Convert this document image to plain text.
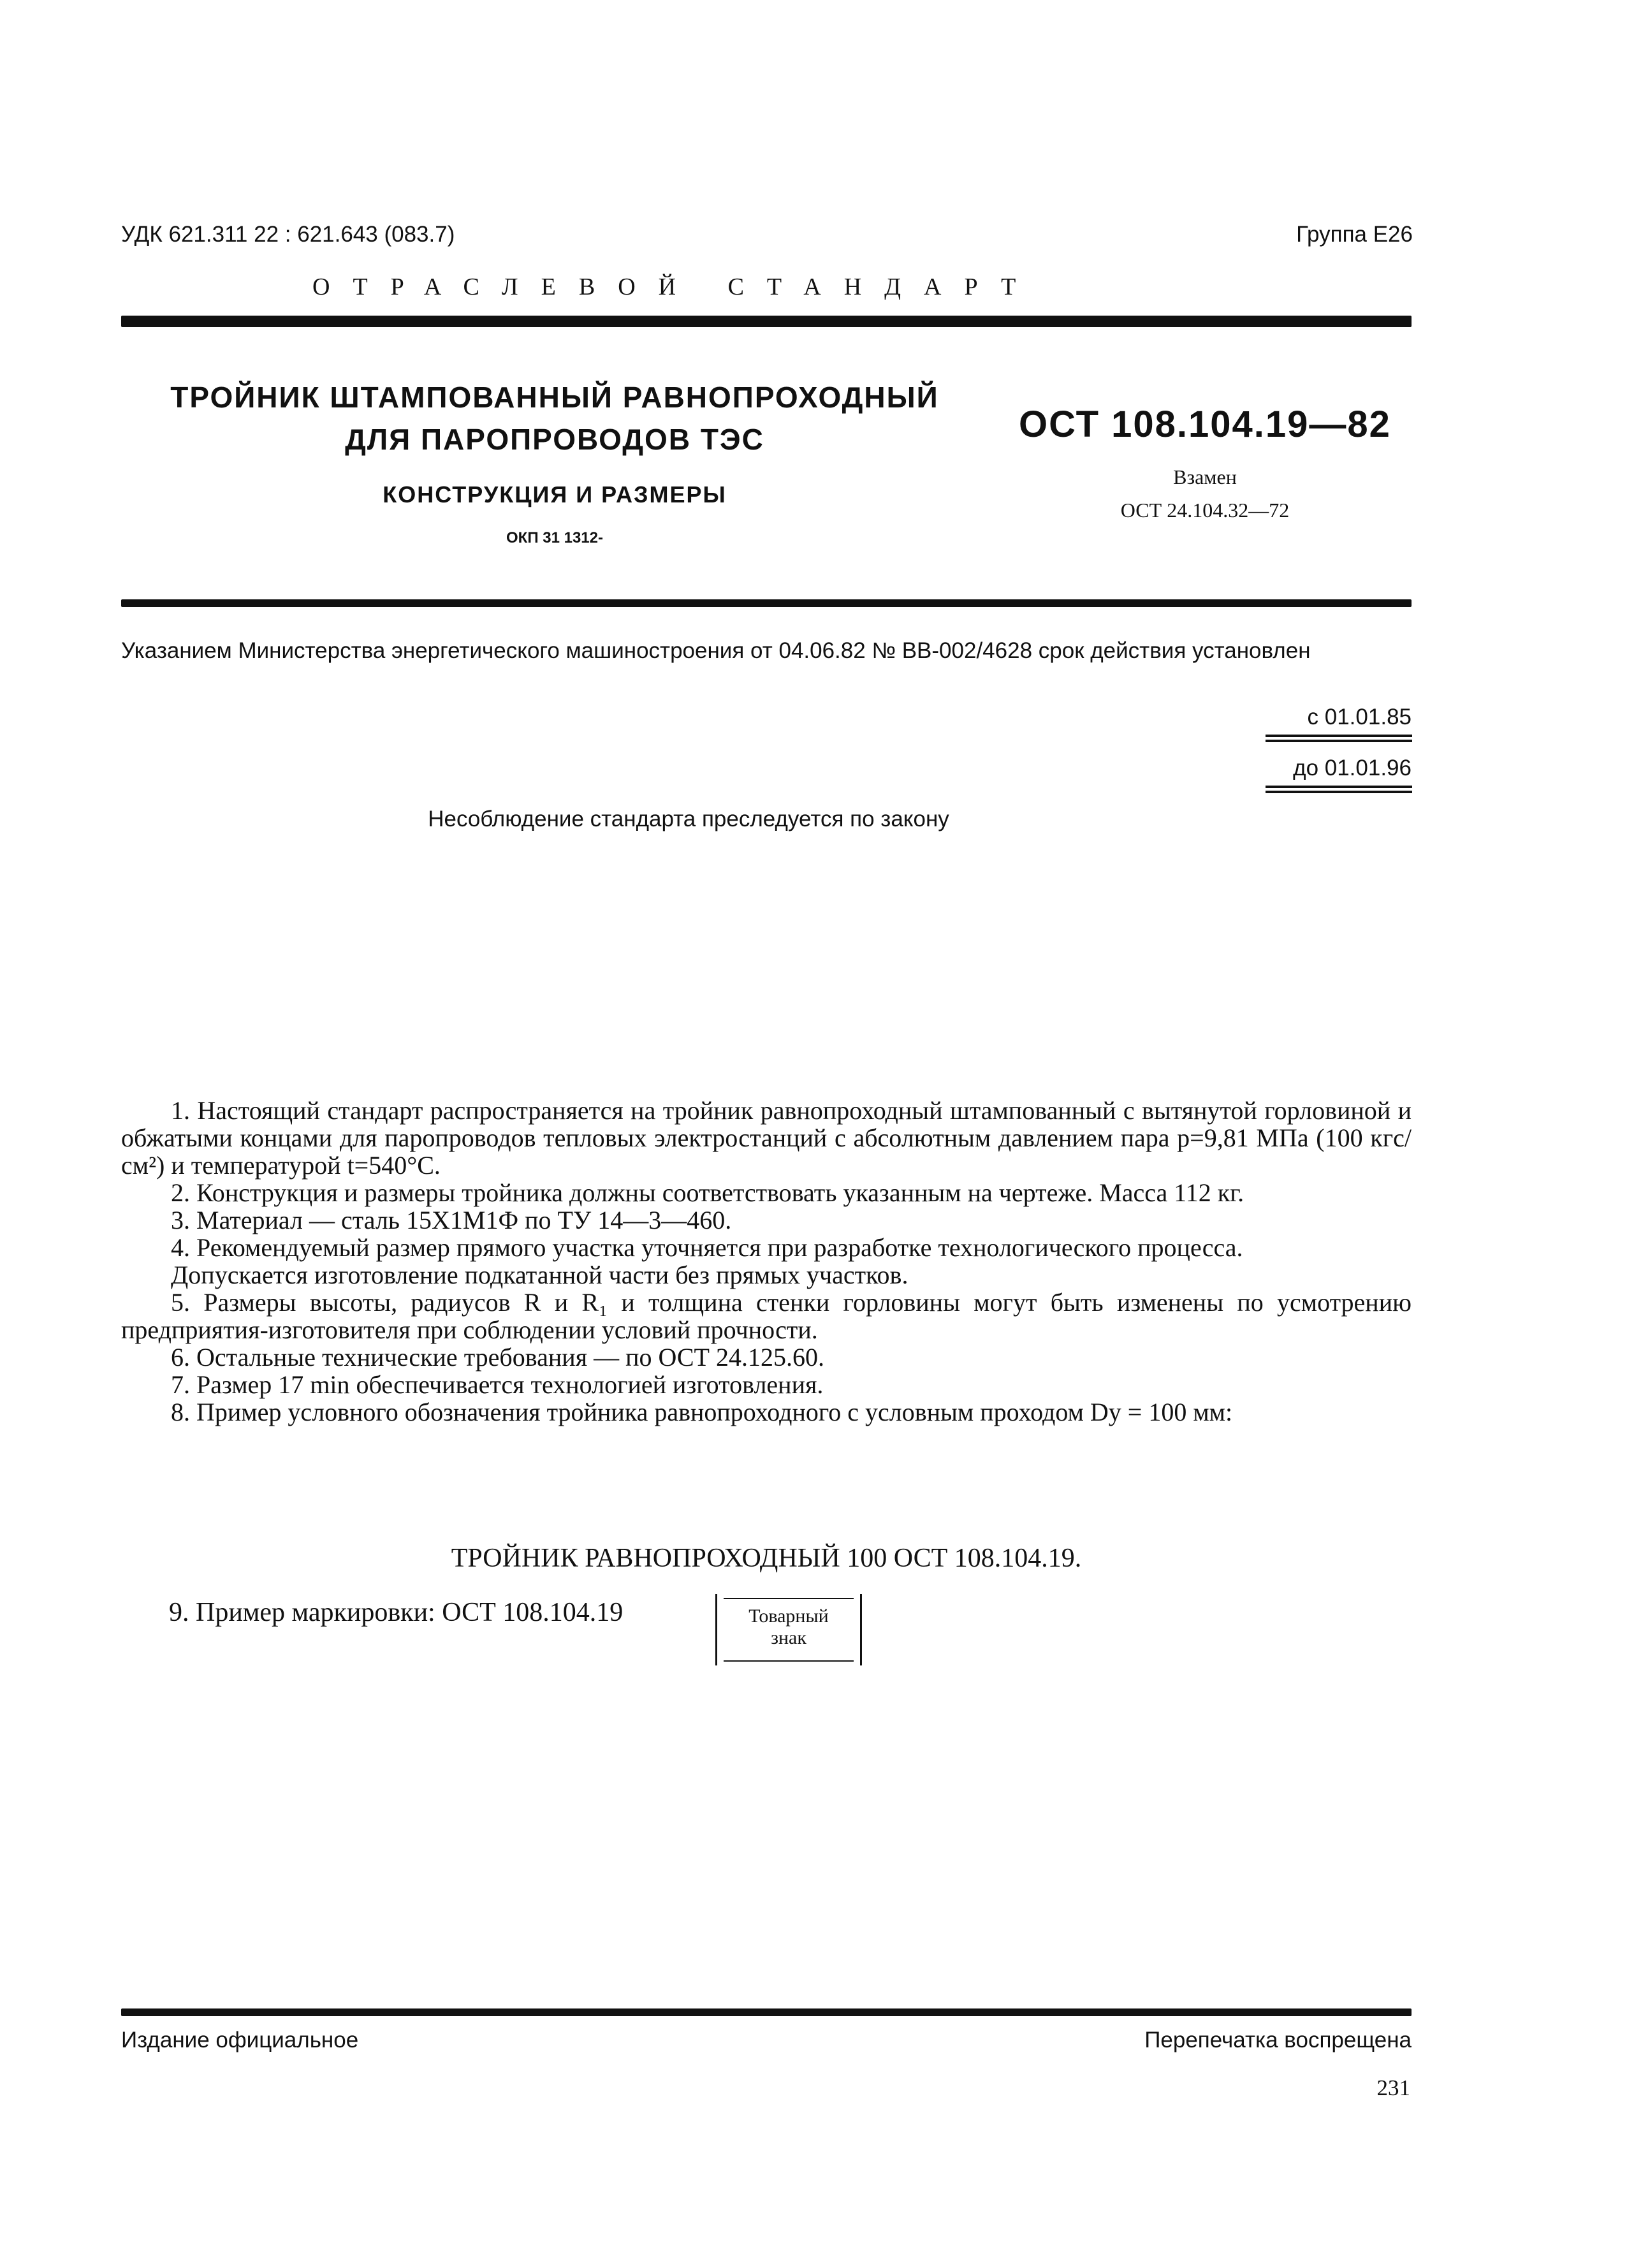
УДК 621.311 22 : 621.643 (083.7)	Группа Е26
ОТРАСЛЕВОЙ СТАНДАРТ
ТРОЙНИК ШТАМПОВАННЫЙ РАВНОПРОХОДНЫЙ
ДЛЯ ПАРОПРОВОДОВ ТЭС
КОНСТРУКЦИЯ И РАЗМЕРЫ
ОКП 31 1312-
ОСТ 108.104.19—82
Взамен
ОСТ 24.104.32—72
Указанием Министерства энергетического машиностроения от 04.06.82 № ВВ-002/4628 срок действия установлен
с 01.01.85
до 01.01.96
Несоблюдение стандарта преследуется по закону

1. Настоящий стандарт распространяется на тройник равнопроходный штампованный с вытянутой горловиной и обжатыми концами для паропроводов тепловых электростанций с абсолютным давлением пара p=9,81 МПа (100 кгс/см²) и температурой t=540°С.

2. Конструкция и размеры тройника должны соответствовать указанным на чертеже. Масса 112 кг.

3. Материал — сталь 15Х1М1Ф по ТУ 14—3—460.

4. Рекомендуемый размер прямого участка уточняется при разработке технологического процесса.

Допускается изготовление подкатанной части без прямых участков.

5. Размеры высоты, радиусов R и R₁ и толщина стенки горловины могут быть изменены по усмотрению предприятия-изготовителя при соблюдении условий прочности.

6. Остальные технические требования — по ОСТ 24.125.60.

7. Размер 17 min обеспечивается технологией изготовления.

8. Пример условного обозначения тройника равнопроходного с условным проходом Dу = 100 мм:

ТРОЙНИК РАВНОПРОХОДНЫЙ 100 ОСТ 108.104.19.
9. Пример маркировки: ОСТ 108.104.19	Товарный
знак
Издание официальное	Перепечатка воспрещена
231
